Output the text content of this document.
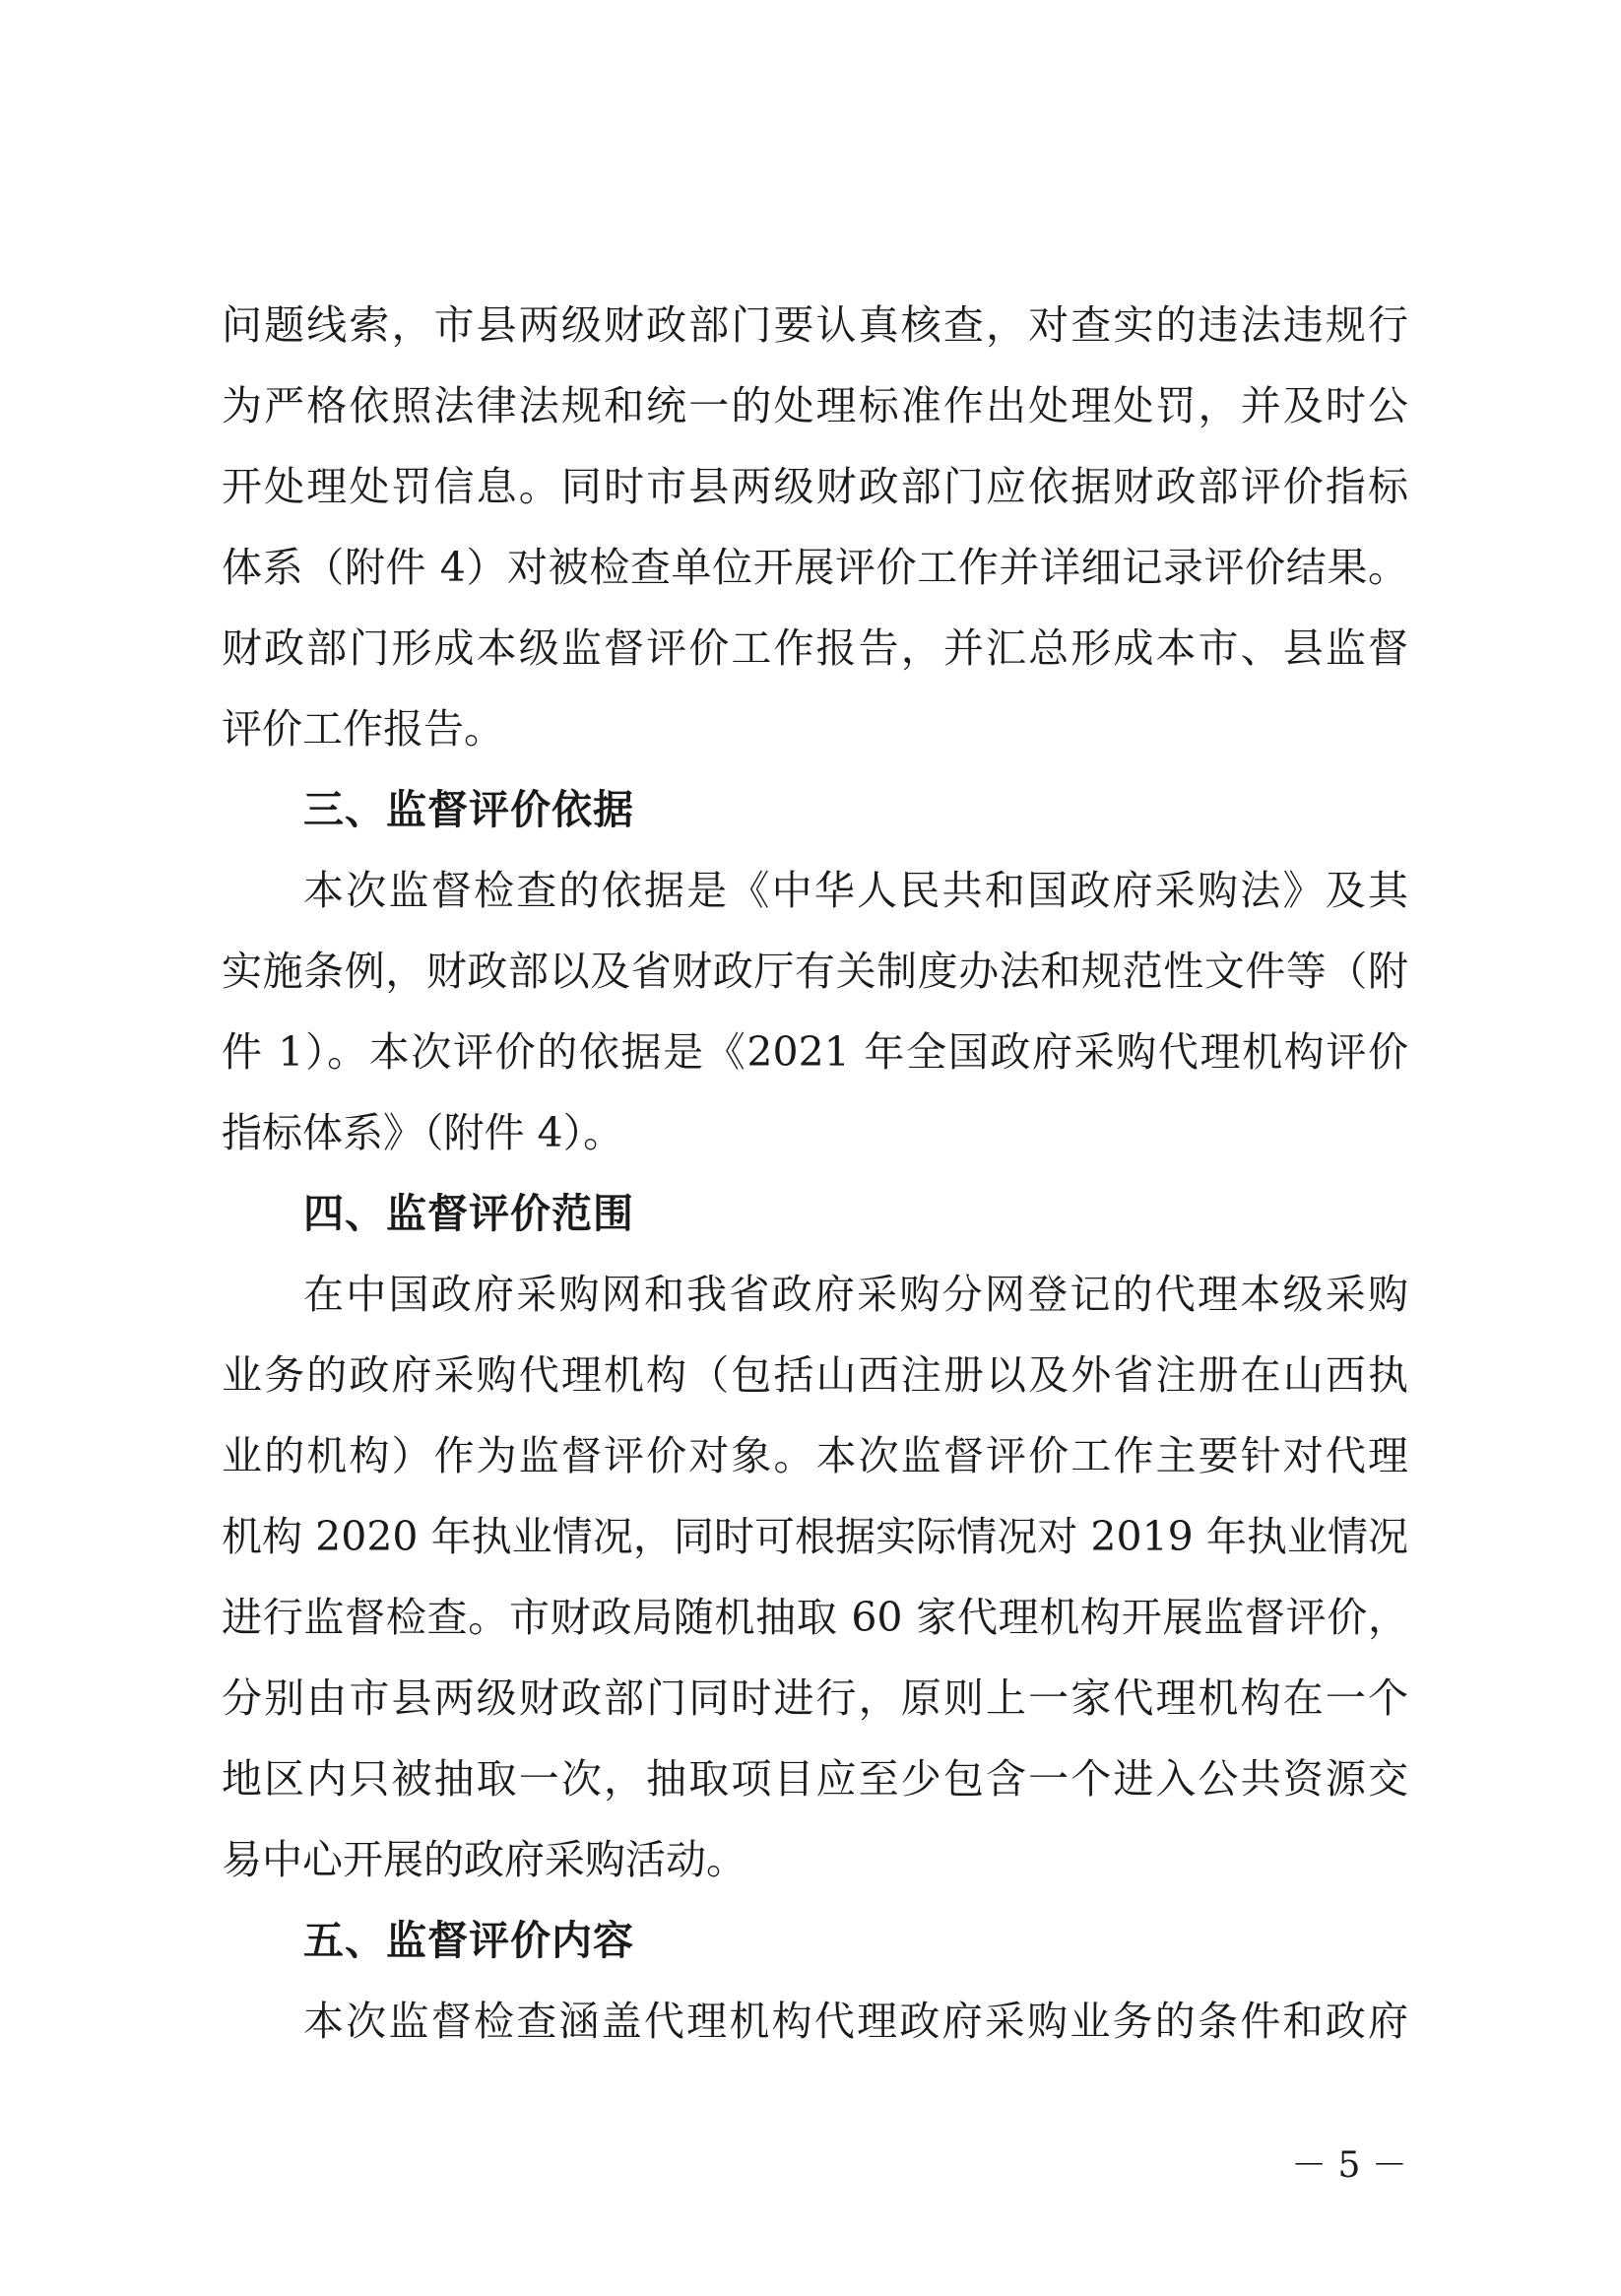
问题线索，市县两级财政部门要认真核查，对查实的违法违规行
为严格依照法律法规和统一的处理标准作出处理处罚，并及时公
开处理处罚信息。同时市县两级财政部门应依据财政部评价指标
体系（附件 4）对被检查单位开展评价工作并详细记录评价结果。
财政部门形成本级监督评价工作报告，并汇总形成本市、县监督
评价工作报告。
三、监督评价依据
本次监督检查的依据是《中华人民共和国政府采购法》及其
实施条例，财政部以及省财政厅有关制度办法和规范性文件等（附
件 1）。本次评价的依据是《2021 年全国政府采购代理机构评价
指标体系》（附件 4）。
四、监督评价范围
在中国政府采购网和我省政府采购分网登记的代理本级采购
业务的政府采购代理机构（包括山西注册以及外省注册在山西执
业的机构）作为监督评价对象。本次监督评价工作主要针对代理
机构 2020 年执业情况，同时可根据实际情况对 2019 年执业情况
进行监督检查。市财政局随机抽取 60 家代理机构开展监督评价，
分别由市县两级财政部门同时进行，原则上一家代理机构在一个
地区内只被抽取一次，抽取项目应至少包含一个进入公共资源交
易中心开展的政府采购活动。
五、监督评价内容
本次监督检查涵盖代理机构代理政府采购业务的条件和政府
－ 5 －
